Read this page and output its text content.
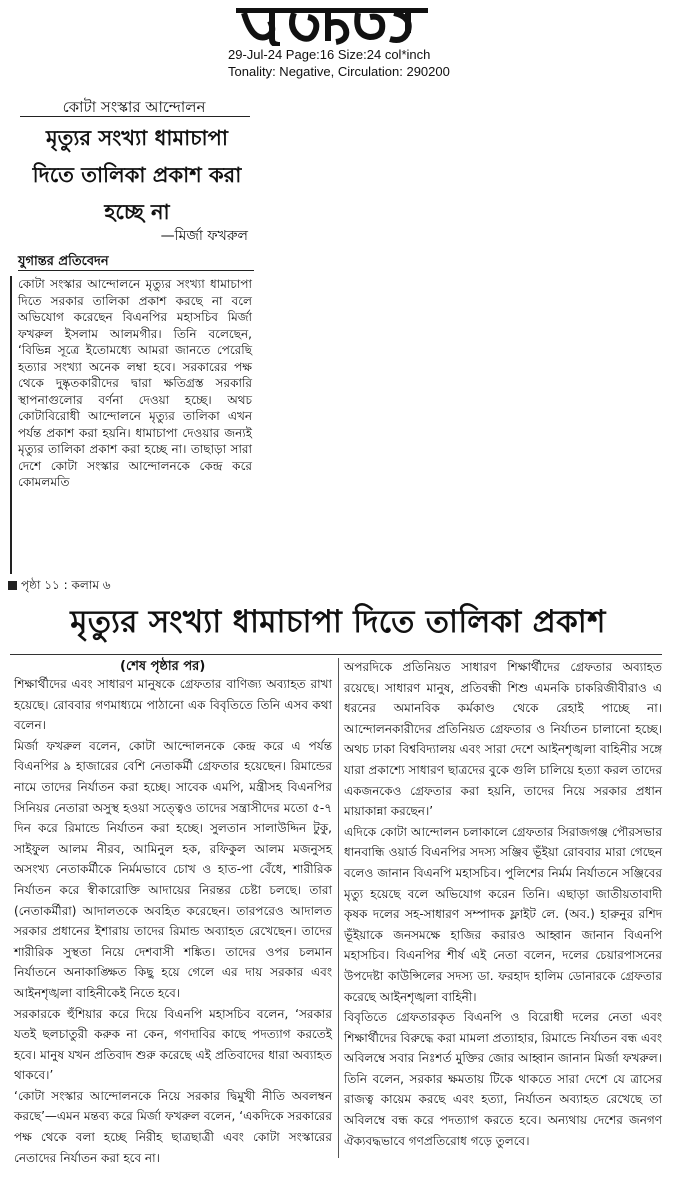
29-Jul-24 Page:16 Size:24 col*inch
Tonality: Negative, Circulation: 290200
কোটা সংস্কার আন্দোলন
মৃত্যুর সংখ্যা ধামাচাপা দিতে তালিকা প্রকাশ করা হচ্ছে না
—মির্জা ফখরুল
যুগান্তর প্রতিবেদন

কোটা সংস্কার আন্দোলনে মৃত্যুর সংখ্যা ধামাচাপা দিতে সরকার তালিকা প্রকাশ করছে না বলে অভিযোগ করেছেন বিএনপির মহাসচিব মির্জা ফখরুল ইসলাম আলমগীর। তিনি বলেছেন, ‘বিভিন্ন সূত্রে ইতোমধ্যে আমরা জানতে পেরেছি হত্যার সংখ্যা অনেক লম্বা হবে। সরকারের পক্ষ থেকে দুষ্কৃতকারীদের দ্বারা ক্ষতিগ্রস্ত সরকারি স্থাপনাগুলোর বর্ণনা দেওয়া হচ্ছে। অথচ কোটাবিরোধী আন্দোলনে মৃত্যুর তালিকা এখন পর্যন্ত প্রকাশ করা হয়নি। ধামাচাপা দেওয়ার জন্যই মৃত্যুর তালিকা প্রকাশ করা হচ্ছে না। তাছাড়া সারা দেশে কোটা সংস্কার আন্দোলনকে কেন্দ্র করে কোমলমতি

পৃষ্ঠা ১১ : কলাম ৬
মৃত্যুর সংখ্যা ধামাচাপা দিতে তালিকা প্রকাশ
(শেষ পৃষ্ঠার পর)

শিক্ষার্থীদের এবং সাধারণ মানুষকে গ্রেফতার বাণিজ্য অব্যাহত রাখা হয়েছে। রোববার গণমাধ্যমে পাঠানো এক বিবৃতিতে তিনি এসব কথা বলেন।

মির্জা ফখরুল বলেন, কোটা আন্দোলনকে কেন্দ্র করে এ পর্যন্ত বিএনপির ৯ হাজারের বেশি নেতাকর্মী গ্রেফতার হয়েছেন। রিমান্ডের নামে তাদের নির্যাতন করা হচ্ছে। সাবেক এমপি, মন্ত্রীসহ বিএনপির সিনিয়র নেতারা অসুস্থ হওয়া সত্ত্বেও তাদের সন্ত্রাসীদের মতো ৫-৭ দিন করে রিমান্ডে নির্যাতন করা হচ্ছে। সুলতান সালাউদ্দিন টুকু, সাইফুল আলম নীরব, আমিনুল হক, রফিকুল আলম মজনুসহ অসংখ্য নেতাকর্মীকে নির্মমভাবে চোখ ও হাত-পা বেঁধে, শারীরিক নির্যাতন করে স্বীকারোক্তি আদায়ের নিরন্তর চেষ্টা চলছে। তারা (নেতাকর্মীরা) আদালতকে অবহিত করেছেন। তারপরেও আদালত সরকার প্রধানের ইশারায় তাদের রিমান্ড অব্যাহত রেখেছেন। তাদের শারীরিক সুস্থতা নিয়ে দেশবাসী শঙ্কিত। তাদের ওপর চলমান নির্যাতনে অনাকাঙ্ক্ষিত কিছু হয়ে গেলে এর দায় সরকার এবং আইনশৃঙ্খলা বাহিনীকেই নিতে হবে।

সরকারকে হুঁশিয়ার করে দিয়ে বিএনপি মহাসচিব বলেন, ‘সরকার যতই ছলচাতুরী করুক না কেন, গণদাবির কাছে পদত্যাগ করতেই হবে। মানুষ যখন প্রতিবাদ শুরু করেছে এই প্রতিবাদের ধারা অব্যাহত থাকবে।’

‘কোটা সংস্কার আন্দোলনকে নিয়ে সরকার দ্বিমুখী নীতি অবলম্বন করছে’—এমন মন্তব্য করে মির্জা ফখরুল বলেন, ‘একদিকে সরকারের পক্ষ থেকে বলা হচ্ছে নিরীহ ছাত্রছাত্রী এবং কোটা সংস্কারের নেতাদের নির্যাতন করা হবে না।

অপরদিকে প্রতিনিয়ত সাধারণ শিক্ষার্থীদের গ্রেফতার অব্যাহত রয়েছে। সাধারণ মানুষ, প্রতিবন্ধী শিশু এমনকি চাকরিজীবীরাও এ ধরনের অমানবিক কর্মকাণ্ড থেকে রেহাই পাচ্ছে না। আন্দোলনকারীদের প্রতিনিয়ত গ্রেফতার ও নির্যাতন চালানো হচ্ছে। অথচ ঢাকা বিশ্ববিদ্যালয় এবং সারা দেশে আইনশৃঙ্খলা বাহিনীর সঙ্গে যারা প্রকাশ্যে সাধারণ ছাত্রদের বুকে গুলি চালিয়ে হত্যা করল তাদের একজনকেও গ্রেফতার করা হয়নি, তাদের নিয়ে সরকার প্রধান মায়াকান্না করছেন।’

এদিকে কোটা আন্দোলন চলাকালে গ্রেফতার সিরাজগঞ্জ পৌরসভার ধানবান্ধি ওয়ার্ড বিএনপির সদস্য সঞ্জিব ভূঁইয়া রোববার মারা গেছেন বলেও জানান বিএনপি মহাসচিব। পুলিশের নির্মম নির্যাতনে সঞ্জিবের মৃত্যু হয়েছে বলে অভিযোগ করেন তিনি। এছাড়া জাতীয়তাবাদী কৃষক দলের সহ-সাধারণ সম্পাদক ফ্লাইট লে. (অব.) হারুনুর রশিদ ভূঁইয়াকে জনসমক্ষে হাজির করারও আহ্বান জানান বিএনপি মহাসচিব। বিএনপির শীর্ষ এই নেতা বলেন, দলের চেয়ারপাসনের উপদেষ্টা কাউন্সিলের সদস্য ডা. ফরহাদ হালিম ডোনারকে গ্রেফতার করেছে আইনশৃঙ্খলা বাহিনী।

বিবৃতিতে গ্রেফতারকৃত বিএনপি ও বিরোধী দলের নেতা এবং শিক্ষার্থীদের বিরুদ্ধে করা মামলা প্রত্যাহার, রিমান্ডে নির্যাতন বন্ধ এবং অবিলম্বে সবার নিঃশর্ত মুক্তির জোর আহ্বান জানান মির্জা ফখরুল। তিনি বলেন, সরকার ক্ষমতায় টিকে থাকতে সারা দেশে যে ত্রাসের রাজত্ব কায়েম করছে এবং হত্যা, নির্যাতন অব্যাহত রেখেছে তা অবিলম্বে বন্ধ করে পদত্যাগ করতে হবে। অন্যথায় দেশের জনগণ ঐক্যবদ্ধভাবে গণপ্রতিরোধ গড়ে তুলবে।
